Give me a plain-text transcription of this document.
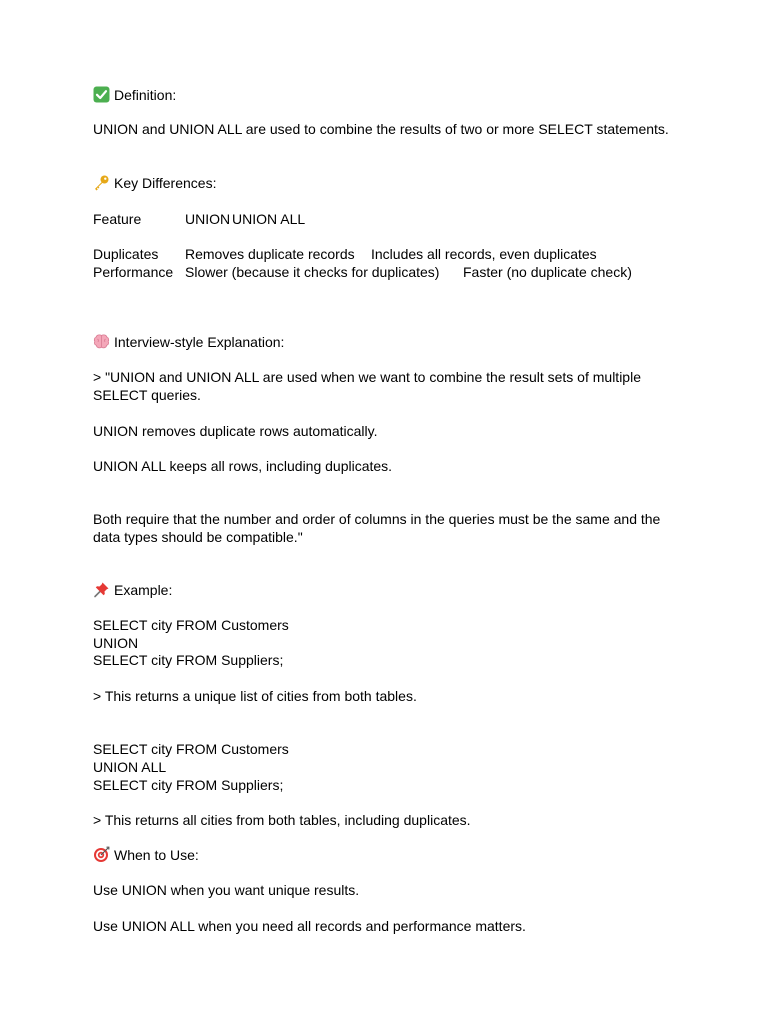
Definition:
UNION and UNION ALL are used to combine the results of two or more SELECT statements.
Key Differences:
Feature	UNION UNION ALL
Duplicates Removes duplicate records Includes all records, even duplicates
Performance Slower (because it checks for duplicates) Faster (no duplicate check)
Interview-style Explanation:
> "UNION and UNION ALL are used when we want to combine the result sets of multiple SELECT queries.
UNION removes duplicate rows automatically.
UNION ALL keeps all rows, including duplicates.
Both require that the number and order of columns in the queries must be the same and the data types should be compatible."
Example:
SELECT city FROM Customers
UNION
SELECT city FROM Suppliers;
> This returns a unique list of cities from both tables.
SELECT city FROM Customers
UNION ALL
SELECT city FROM Suppliers;
> This returns all cities from both tables, including duplicates.
When to Use:
Use UNION when you want unique results.
Use UNION ALL when you need all records and performance matters.
